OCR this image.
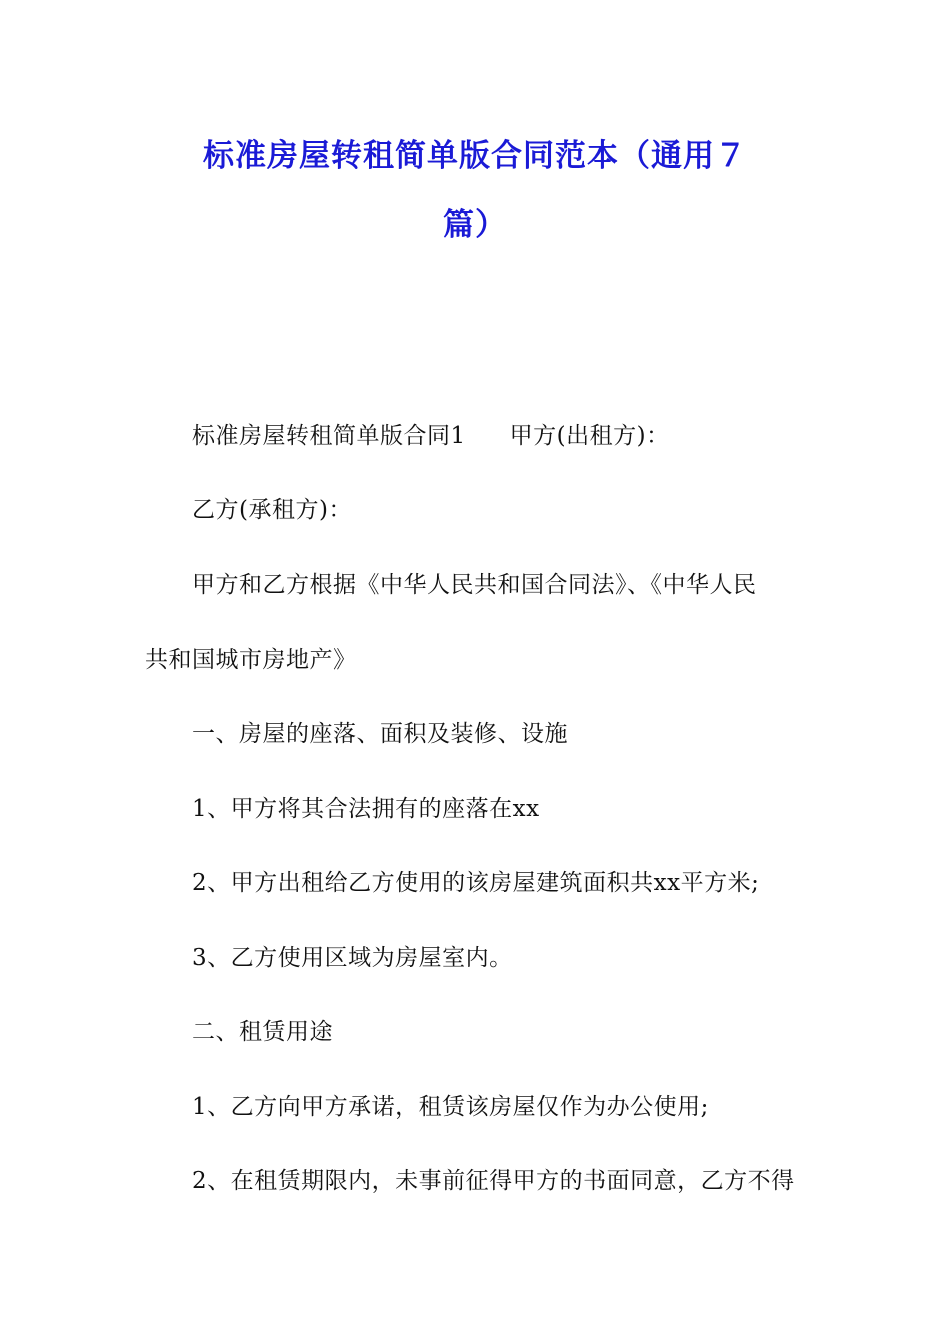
标准房屋转租简单版合同范本（通用７
篇）
标准房屋转租简单版合同1 甲方(出租方)：
乙方(承租方)：
甲方和乙方根据《中华人民共和国合同法》、《中华人民
共和国城市房地产》
一、房屋的座落、面积及装修、设施
1、甲方将其合法拥有的座落在xx
2、甲方出租给乙方使用的该房屋建筑面积共xx平方米;
3、乙方使用区域为房屋室内。
二、租赁用途
1、乙方向甲方承诺，租赁该房屋仅作为办公使用;
2、在租赁期限内，未事前征得甲方的书面同意，乙方不得
